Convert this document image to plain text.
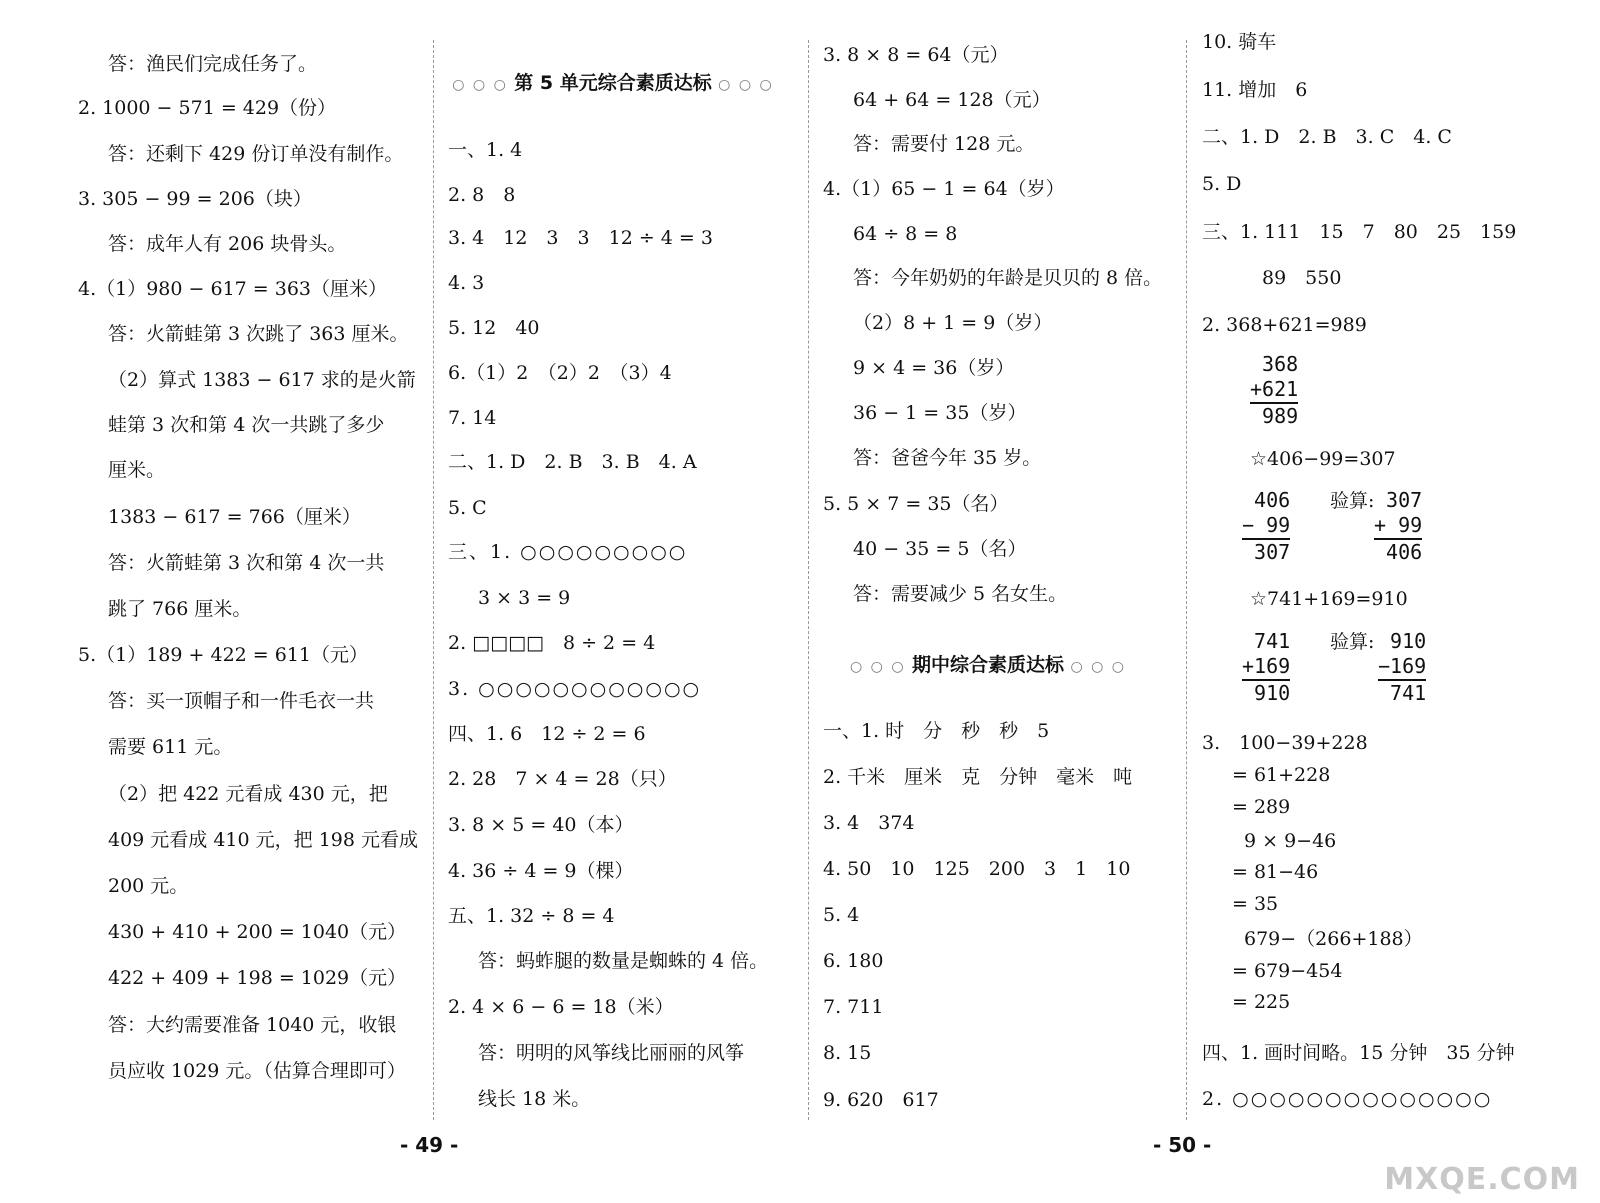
答：渔民们完成任务了。
2. 1000 − 571 = 429（份）
答：还剩下 429 份订单没有制作。
3. 305 − 99 = 206（块）
答：成年人有 206 块骨头。
4.（1）980 − 617 = 363（厘米）
答：火箭蛙第 3 次跳了 363 厘米。
（2）算式 1383 − 617 求的是火箭
蛙第 3 次和第 4 次一共跳了多少
厘米。
1383 − 617 = 766（厘米）
答：火箭蛙第 3 次和第 4 次一共
跳了 766 厘米。
5.（1）189 + 422 = 611（元）
答：买一顶帽子和一件毛衣一共
需要 611 元。
（2）把 422 元看成 430 元，把
409 元看成 410 元，把 198 元看成
200 元。
430 + 410 + 200 = 1040（元）
422 + 409 + 198 = 1029（元）
答：大约需要准备 1040 元，收银
员应收 1029 元。（估算合理即可）
○ ○ ○ 第 5 单元综合素质达标 ○ ○ ○
一、1. 4
2. 8　8
3. 4　12　3　3　12 ÷ 4 = 3
4. 3
5. 12　40
6.（1）2　（2）2　（3）4
7. 14
二、1. D　2. B　3. B　4. A
5. C
三、1. ○○○○○○○○○
3 × 3 = 9
2. □□□□　8 ÷ 2 = 4
3. ○○○○○○○○○○○○
四、1. 6　12 ÷ 2 = 6
2. 28　7 × 4 = 28（只）
3. 8 × 5 = 40（本）
4. 36 ÷ 4 = 9（棵）
五、1. 32 ÷ 8 = 4
答：蚂蚱腿的数量是蜘蛛的 4 倍。
2. 4 × 6 − 6 = 18（米）
答：明明的风筝线比丽丽的风筝
线长 18 米。
3. 8 × 8 = 64（元）
64 + 64 = 128（元）
答：需要付 128 元。
4.（1）65 − 1 = 64（岁）
64 ÷ 8 = 8
答：今年奶奶的年龄是贝贝的 8 倍。
（2）8 + 1 = 9（岁）
9 × 4 = 36（岁）
36 − 1 = 35（岁）
答：爸爸今年 35 岁。
5. 5 × 7 = 35（名）
40 − 35 = 5（名）
答：需要减少 5 名女生。
○ ○ ○ 期中综合素质达标 ○ ○ ○
一、1. 时　分　秒　秒　5
2. 千米　厘米　克　分钟　毫米　吨
3. 4　374
4. 50　10　125　200　3　1　10
5. 4
6. 180
7. 711
8. 15
9. 620　617
10. 骑车
11. 增加　6
二、1. D　2. B　3. C　4. C
5. D
三、1. 111　15　7　80　25　159
89　550
2. 368+621=989
368
+621
989
☆406−99=307
406
− 99
307
验算: 307
+ 99
406
☆741+169=910
741
+169
910
验算: 910
−169
741
3.　100−39+228
= 61+228
= 289
9 × 9−46
= 81−46
= 35
679−（266+188）
= 679−454
= 225
四、1. 画时间略。15 分钟　35 分钟
2. ○○○○○○○○○○○○○○
- 49 -	- 50 -
MXQE.COM
